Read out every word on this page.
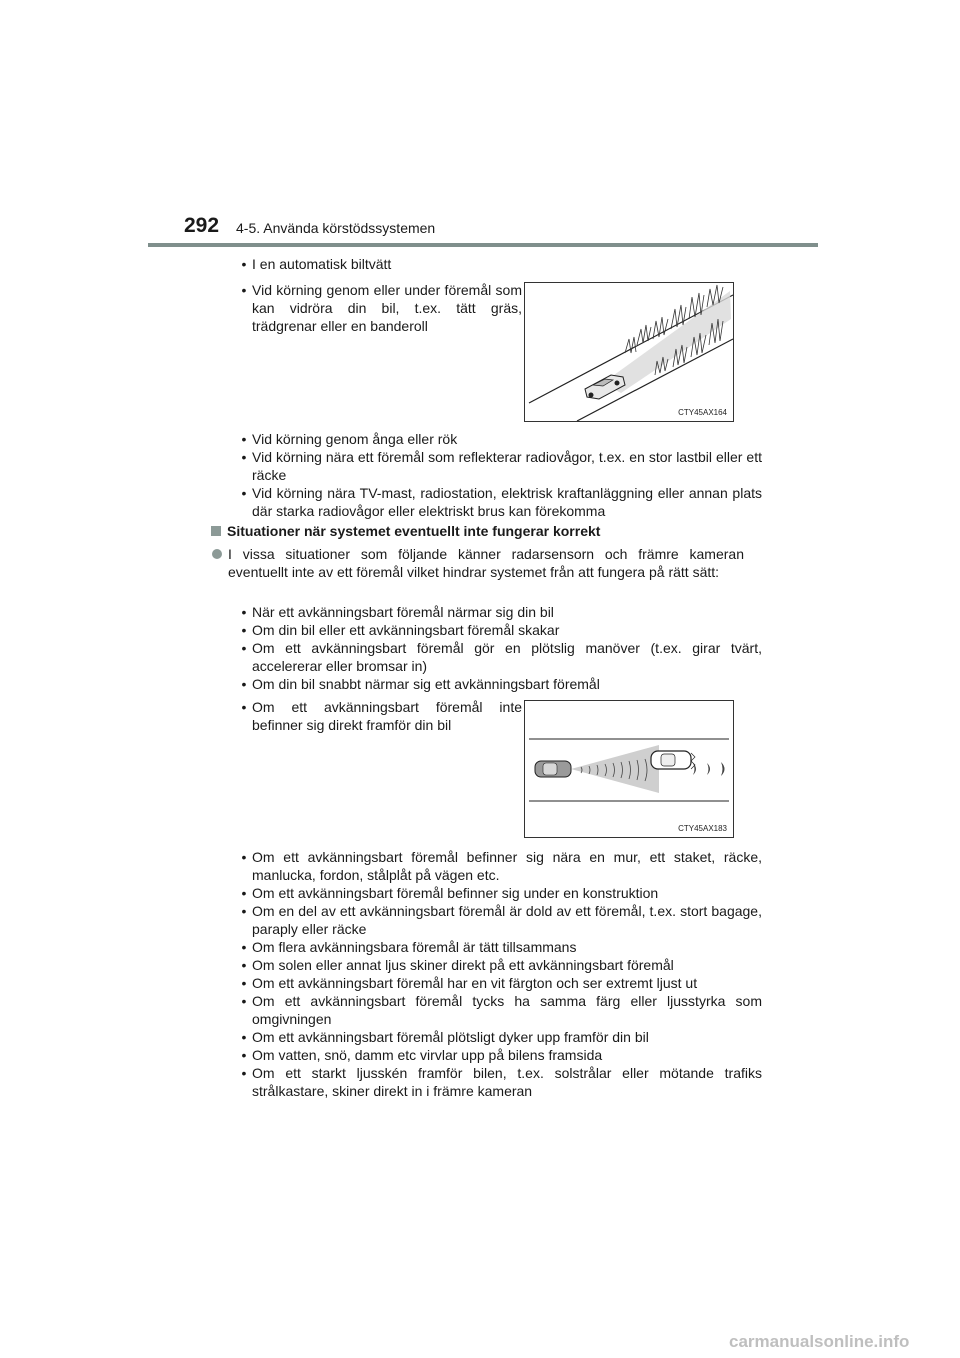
292 4-5. Använda körstödssystemen
• I en automatisk biltvätt
• Vid körning genom eller under föremål som kan vidröra din bil, t.ex. tätt gräs, trädgrenar eller en banderoll
CTY45AX164
• Vid körning genom ånga eller rök
• Vid körning nära ett föremål som reflekterar radiovågor, t.ex. en stor lastbil eller ett räcke
• Vid körning nära TV-mast, radiostation, elektrisk kraftanläggning eller annan plats där starka radiovågor eller elektriskt brus kan förekomma
Situationer när systemet eventuellt inte fungerar korrekt
I vissa situationer som följande känner radarsensorn och främre kameran eventuellt inte av ett föremål vilket hindrar systemet från att fungera på rätt sätt:
• När ett avkänningsbart föremål närmar sig din bil
• Om din bil eller ett avkänningsbart föremål skakar
• Om ett avkänningsbart föremål gör en plötslig manöver (t.ex. girar tvärt, accelererar eller bromsar in)
• Om din bil snabbt närmar sig ett avkänningsbart föremål
• Om ett avkänningsbart föremål inte befinner sig direkt framför din bil
CTY45AX183
• Om ett avkänningsbart föremål befinner sig nära en mur, ett staket, räcke, manlucka, fordon, stålplåt på vägen etc.
• Om ett avkänningsbart föremål befinner sig under en konstruktion
• Om en del av ett avkänningsbart föremål är dold av ett föremål, t.ex. stort bagage, paraply eller räcke
• Om flera avkänningsbara föremål är tätt tillsammans
• Om solen eller annat ljus skiner direkt på ett avkänningsbart föremål
• Om ett avkänningsbart föremål har en vit färgton och ser extremt ljust ut
• Om ett avkänningsbart föremål tycks ha samma färg eller ljusstyrka som omgivningen
• Om ett avkänningsbart föremål plötsligt dyker upp framför din bil
• Om vatten, snö, damm etc virvlar upp på bilens framsida
• Om ett starkt ljusskén framför bilen, t.ex. solstrålar eller mötande trafiks strålkastare, skiner direkt in i främre kameran
carmanualsonline.info
